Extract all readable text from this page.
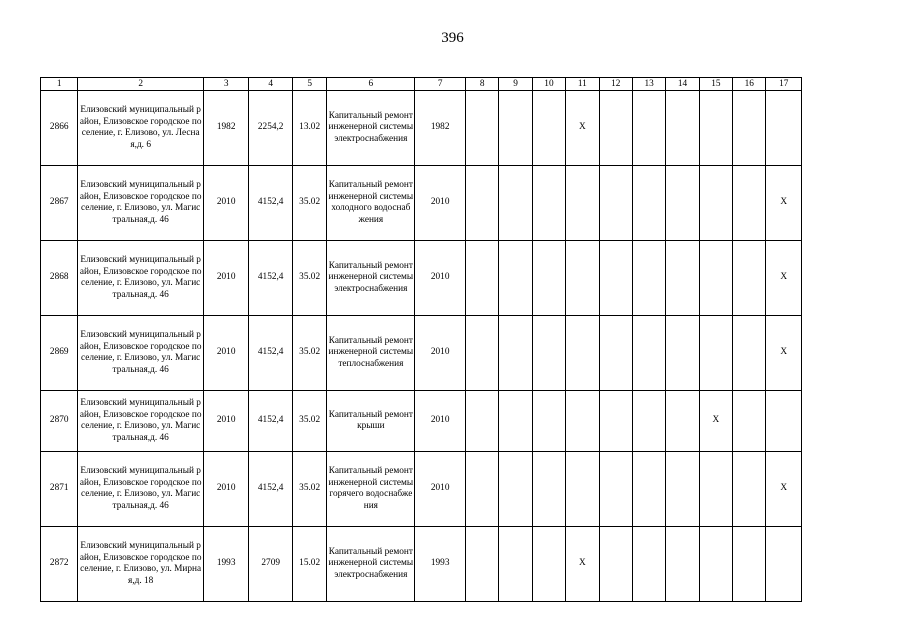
396
1	2	3	4	5	6	7	8	9	10	11	12	13	14	15	16	17
2866	Елизовский муниципальный район, Елизовское городское поселение, г. Елизово, ул. Лесная,д. 6	1982	2254,2	13.02	Капитальный ремонт инженерной системы электроснабжения	1982				X						
2867	Елизовский муниципальный район, Елизовское городское поселение, г. Елизово, ул. Магистральная,д. 46	2010	4152,4	35.02	Капитальный ремонт инженерной системы холодного водоснабжения	2010										X
2868	Елизовский муниципальный район, Елизовское городское поселение, г. Елизово, ул. Магистральная,д. 46	2010	4152,4	35.02	Капитальный ремонт инженерной системы электроснабжения	2010										X
2869	Елизовский муниципальный район, Елизовское городское поселение, г. Елизово, ул. Магистральная,д. 46	2010	4152,4	35.02	Капитальный ремонт инженерной системы теплоснабжения	2010										X
2870	Елизовский муниципальный район, Елизовское городское поселение, г. Елизово, ул. Магистральная,д. 46	2010	4152,4	35.02	Капитальный ремонт крыши	2010								X		
2871	Елизовский муниципальный район, Елизовское городское поселение, г. Елизово, ул. Магистральная,д. 46	2010	4152,4	35.02	Капитальный ремонт инженерной системы горячего водоснабжения	2010										X
2872	Елизовский муниципальный район, Елизовское городское поселение, г. Елизово, ул. Мирная,д. 18	1993	2709	15.02	Капитальный ремонт инженерной системы электроснабжения	1993				X						
